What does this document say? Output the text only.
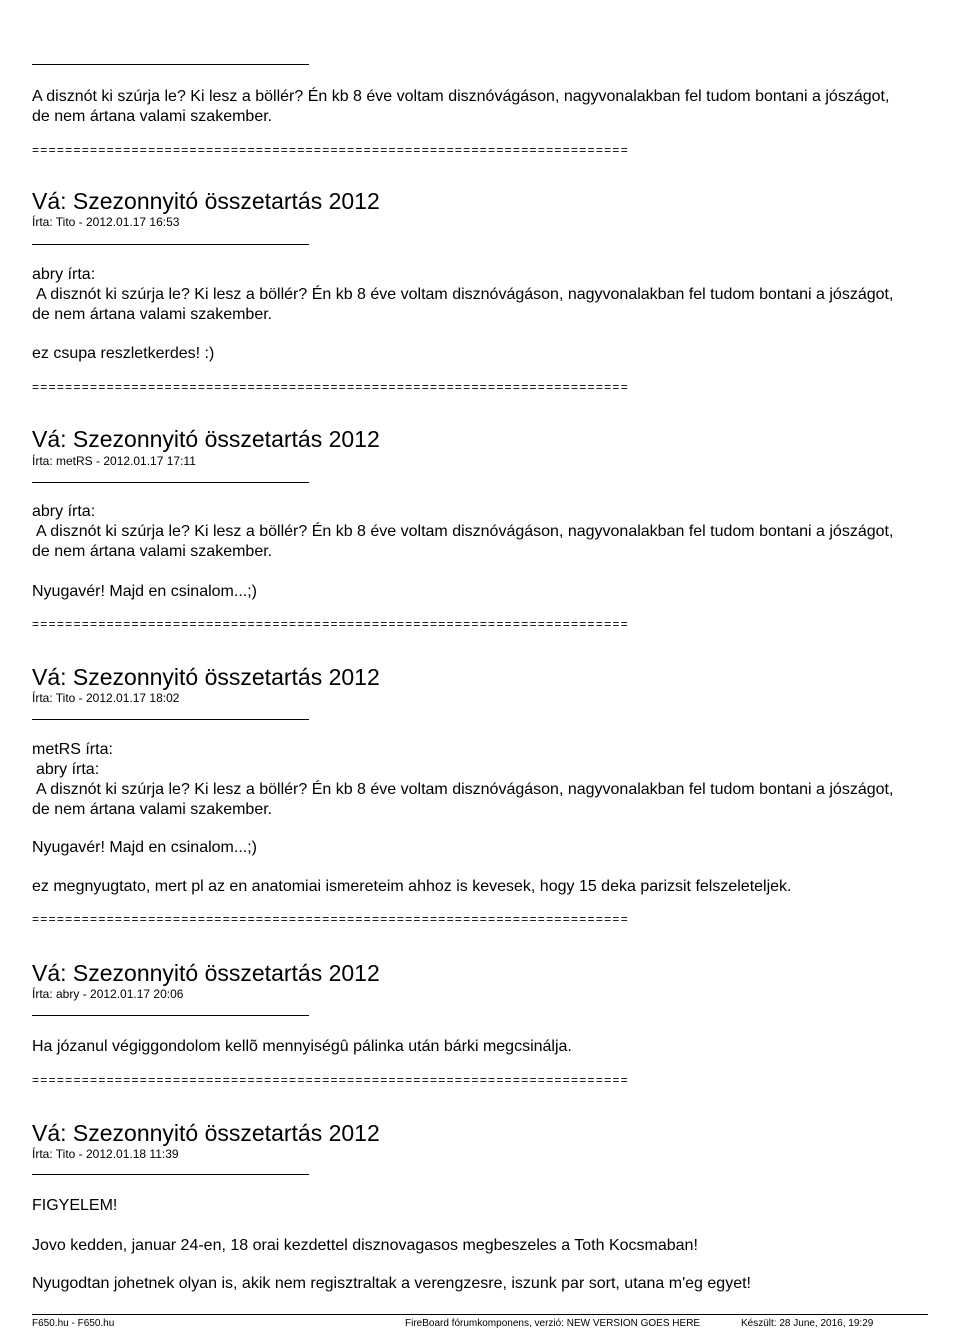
A disznót ki szúrja le? Ki lesz a böllér? Én kb 8 éve voltam disznóvágáson, nagyvonalakban fel tudom bontani a jószágot,
de nem ártana valami szakember.
========================================================================
Vá: Szezonnyitó összetartás 2012
Írta: Tito - 2012.01.17 16:53
abry írta:
A disznót ki szúrja le? Ki lesz a böllér? Én kb 8 éve voltam disznóvágáson, nagyvonalakban fel tudom bontani a jószágot,
de nem ártana valami szakember.
ez csupa reszletkerdes! :)
========================================================================
Vá: Szezonnyitó összetartás 2012
Írta: metRS - 2012.01.17 17:11
abry írta:
A disznót ki szúrja le? Ki lesz a böllér? Én kb 8 éve voltam disznóvágáson, nagyvonalakban fel tudom bontani a jószágot,
de nem ártana valami szakember.
Nyugavér! Majd en csinalom...;)
========================================================================
Vá: Szezonnyitó összetartás 2012
Írta: Tito - 2012.01.17 18:02
metRS írta:
abry írta:
A disznót ki szúrja le? Ki lesz a böllér? Én kb 8 éve voltam disznóvágáson, nagyvonalakban fel tudom bontani a jószágot,
de nem ártana valami szakember.
Nyugavér! Majd en csinalom...;)
ez megnyugtato, mert pl az en anatomiai ismereteim ahhoz is kevesek, hogy 15 deka parizsit felszeleteljek.
========================================================================
Vá: Szezonnyitó összetartás 2012
Írta: abry - 2012.01.17 20:06
Ha józanul végiggondolom kellõ mennyiségû pálinka után bárki megcsinálja.
========================================================================
Vá: Szezonnyitó összetartás 2012
Írta: Tito - 2012.01.18 11:39
FIGYELEM!
Jovo kedden, januar 24-en, 18 orai kezdettel disznovagasos megbeszeles a Toth Kocsmaban!
Nyugodtan johetnek olyan is, akik nem regisztraltak a verengzesre, iszunk par sort, utana m'eg egyet!
F650.hu - F650.hu	FireBoard fórumkomponens, verzió: NEW VERSION GOES HERE	Készült: 28 June, 2016, 19:29
